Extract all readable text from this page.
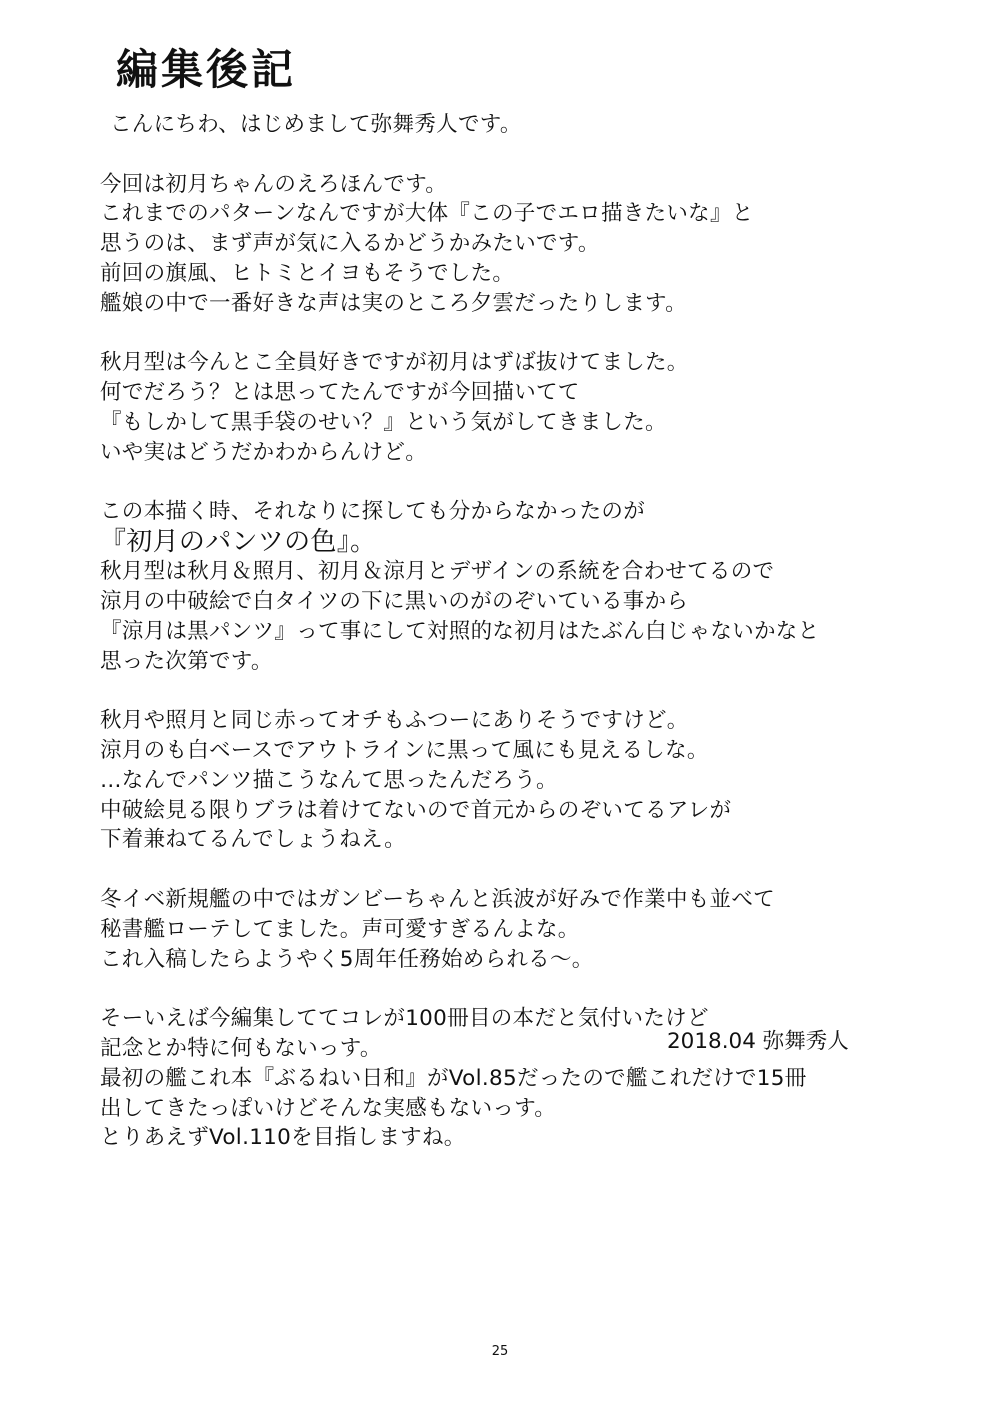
編集後記
こんにちわ、はじめまして弥舞秀人です。
今回は初月ちゃんのえろほんです。
これまでのパターンなんですが大体『この子でエロ描きたいな』と
思うのは、まず声が気に入るかどうかみたいです。
前回の旗風、ヒトミとイヨもそうでした。
艦娘の中で一番好きな声は実のところ夕雲だったりします。
秋月型は今んとこ全員好きですが初月はずば抜けてました。
何でだろう？とは思ってたんですが今回描いてて
『もしかして黒手袋のせい？』という気がしてきました。
いや実はどうだかわからんけど。
この本描く時、それなりに探しても分からなかったのが
『初月のパンツの色』。
秋月型は秋月＆照月、初月＆涼月とデザインの系統を合わせてるので
涼月の中破絵で白タイツの下に黒いのがのぞいている事から
『涼月は黒パンツ』って事にして対照的な初月はたぶん白じゃないかなと
思った次第です。
秋月や照月と同じ赤ってオチもふつーにありそうですけど。
涼月のも白ベースでアウトラインに黒って風にも見えるしな。
…なんでパンツ描こうなんて思ったんだろう。
中破絵見る限りブラは着けてないので首元からのぞいてるアレが
下着兼ねてるんでしょうねえ。
冬イベ新規艦の中ではガンビーちゃんと浜波が好みで作業中も並べて
秘書艦ローテしてました。声可愛すぎるんよな。
これ入稿したらようやく5周年任務始められる～。
そーいえば今編集しててコレが100冊目の本だと気付いたけど
記念とか特に何もないっす。
最初の艦これ本『ぶるねい日和』がVol.85だったので艦これだけで15冊
出してきたっぽいけどそんな実感もないっす。
とりあえずVol.110を目指しますね。
2018.04 弥舞秀人
25
